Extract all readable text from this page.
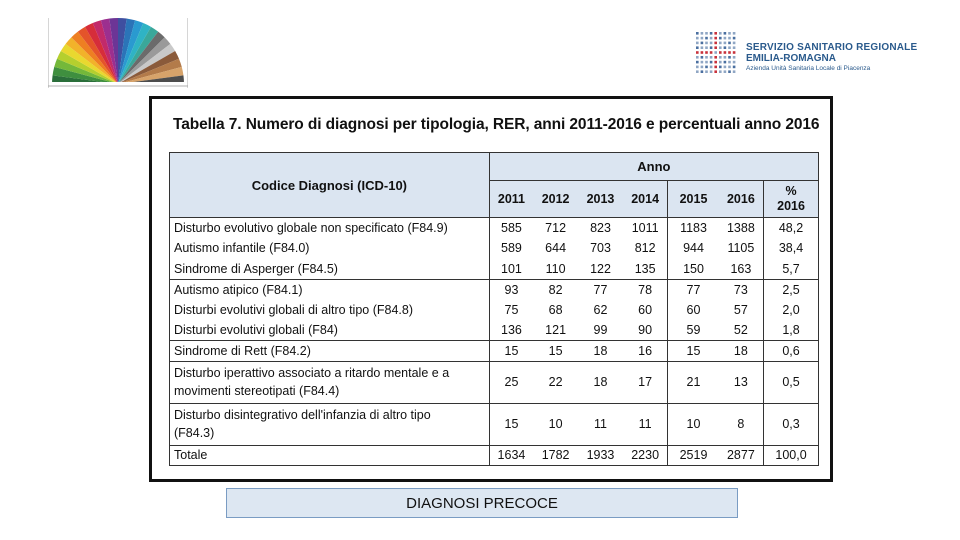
SERVIZIO SANITARIO REGIONALE
EMILIA-ROMAGNA
Azienda Unità Sanitaria Locale di Piacenza
Tabella 7. Numero di diagnosi per tipologia, RER, anni 2011-2016 e percentuali anno 2016
Codice Diagnosi (ICD-10)	Anno						
	2011	2012	2013	2014	2015	2016	%
2016

Disturbo evolutivo globale non specificato (F84.9)	585	712	823	1011	1183	1388	48,2

Autismo infantile (F84.0)	589	644	703	812	944	1105	38,4

Sindrome di Asperger (F84.5)	101	110	122	135	150	163	5,7

Autismo atipico (F84.1)	93	82	77	78	77	73	2,5

Disturbi evolutivi globali di altro tipo (F84.8)	75	68	62	60	60	57	2,0

Disturbi evolutivi globali (F84)	136	121	99	90	59	52	1,8

Sindrome di Rett (F84.2)	15	15	18	16	15	18	0,6

Disturbo iperattivo associato a ritardo mentale e a
movimenti stereotipati (F84.4)	25	22	18	17	21	13	0,5

Disturbo disintegrativo dell'infanzia di altro tipo
(F84.3)	15	10	11	11	10	8	0,3

Totale	1634	1782	1933	2230	2519	2877	100,0
DIAGNOSI PRECOCE
